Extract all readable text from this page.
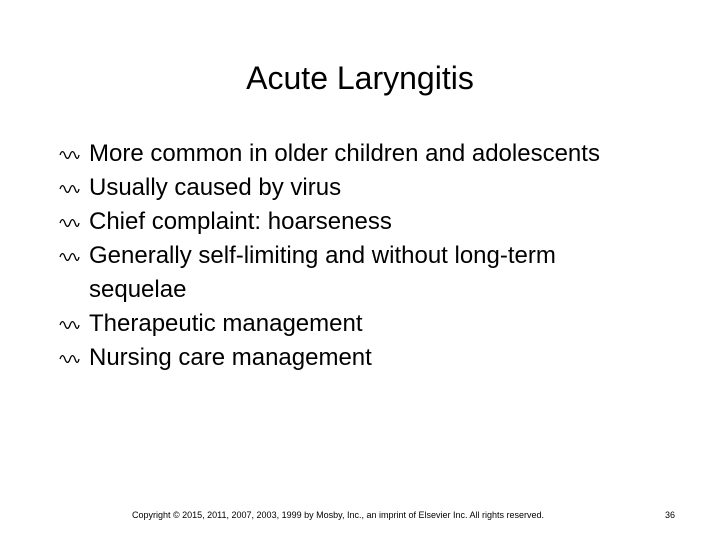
Acute Laryngitis
More common in older children and adolescents
Usually caused by virus
Chief complaint: hoarseness
Generally self-limiting and without long-term sequelae
Therapeutic management
Nursing care management
Copyright © 2015, 2011, 2007, 2003, 1999 by Mosby, Inc., an imprint of Elsevier Inc. All rights reserved.	36
